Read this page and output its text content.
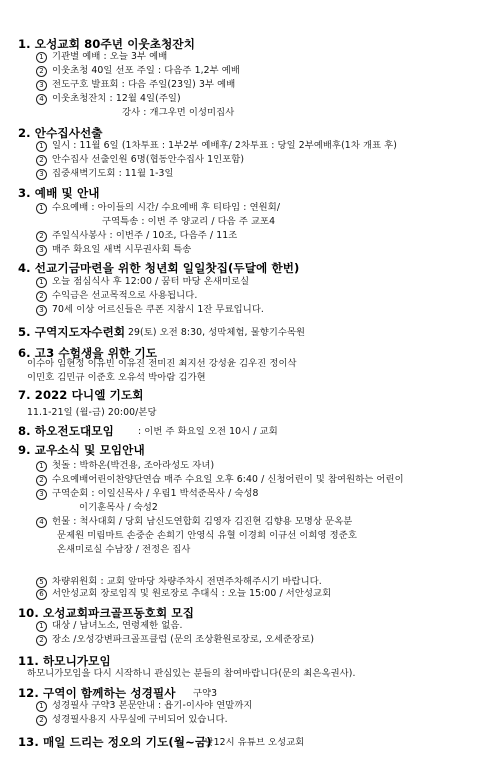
1. 오성교회 80주년 이웃초청잔치
1 기관별 예배 : 오늘 3부 예배
2 이웃초청 40일 선포 주일 : 다음주 1,2부 예배
3 전도구호 발표회 : 다음 주일(23일) 3부 예배
4 이웃초청잔치 : 12월 4일(주일)
강사 : 개그우먼 이성미집사
2. 안수집사선출
1 일시 : 11월 6일 (1차투표 : 1부2부 예배후/ 2차투표 : 당일 2부예배후(1차 개표 후)
2 안수집사 선출인원 6명(협동안수집사 1인포함)
3 집중새벽기도회 : 11월 1-3일
3. 예배 및 안내
1 수요예배 : 아이들의 시간/ 수요예배 후 티타임 : 연원회/
구역특송 : 이번 주 양교리 / 다음 주 교포4
2 주일식사봉사 : 이번주 / 10조, 다음주 / 11조
3 매주 화요일 새벽 시무권사회 특송
4. 선교기금마련을 위한 청년회 일일찻집(두달에 한번)
1 오늘 점심식사 후 12:00 / 꿈터 마당 온새미로실
2 수익금은 선교목적으로 사용됩니다.
3 70세 이상 어르신들은 쿠폰 지참시 1잔 무료입니다.
5. 구역지도자수련회 29(토) 오전 8:30, 성막체험, 물향기수목원
6. 고3 수험생을 위한 기도
이수아 임현정 이유빈 이유진 전미진 최지선 강성윤 김우진 정이삭
이민호 김민규 이준호 오유석 박아람 김가현
7. 2022 다니엘 기도회
11.1-21일 (월-금) 20:00/본당
8. 하오전도대모임	: 이번 주 화요일 오전 10시 / 교회
9. 교우소식 및 모임안내
1 첫돌 : 박하온(박건용, 조아라성도 자녀)
2 수요예배어린이찬양단연습 매주 수요일 오후 6:40 / 신청어린이 및 참여원하는 어린이
3 구역순회 : 이일신목사 / 우림1 박석준목사 / 숙성8
이기훈목사 / 숙성2
4 헌물 : 척사대회 / 당회 남신도연합회 김영자 김진현 김향용 모명상 문옥분
문제원 미림마트 손중순 손희기 안영식 유혈 이경희 이규선 이희영 정준호
온새미로실 수남장 / 전정은 집사
5 차량위원회 : 교회 앞마당 차량주차시 전면주차해주시기 바랍니다.
6 서안성교회 장로임직 및 원로장로 추대식 : 오늘 15:00 / 서안성교회
10. 오성교회파크골프동호회 모집
1 대상 / 남녀노소, 연령제한 없음.
2 장소 /오성강변파크골프클럽 (문의 조상환원로장로, 오세준장로)
11. 하모니가모임
하모니가모임을 다시 시작하니 관심있는 분들의 참여바랍니다(문의 최은옥권사).
12. 구역이 함께하는 성경필사 구약3
1 성경필사 구약3 본문안내 : 욥기-이사야 연말까지
2 성경필사용지 사무실에 구비되어 있습니다.
13. 매일 드리는 정오의 기도(월~금)
- 낮12시 유튜브 오성교회
